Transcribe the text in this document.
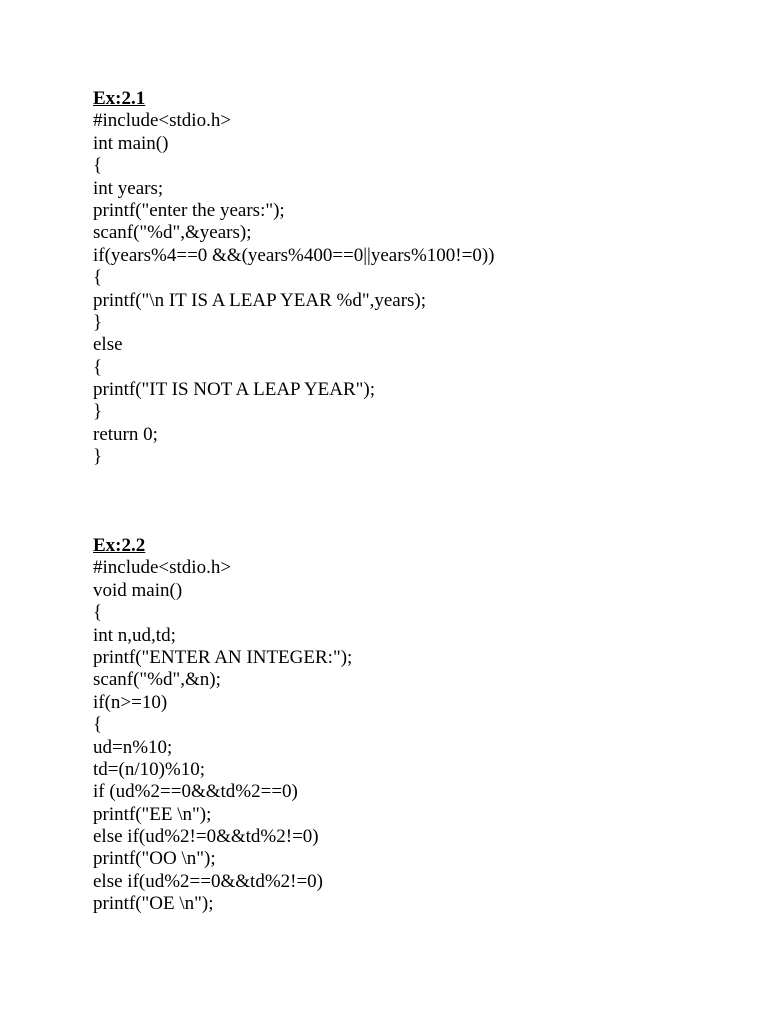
Ex:2.1
#include<stdio.h>
int main()
{
int years;
printf("enter the years:");
scanf("%d",&years);
if(years%4==0 &&(years%400==0||years%100!=0))
{
printf("\n IT IS A LEAP YEAR %d",years);
}
else
{
printf("IT IS NOT A LEAP YEAR");
}
return 0;
}
Ex:2.2
#include<stdio.h>
void main()
{
int n,ud,td;
printf("ENTER AN INTEGER:");
scanf("%d",&n);
if(n>=10)
{
ud=n%10;
td=(n/10)%10;
if (ud%2==0&&td%2==0)
printf("EE \n");
else if(ud%2!=0&&td%2!=0)
printf("OO \n");
else if(ud%2==0&&td%2!=0)
printf("OE \n");
